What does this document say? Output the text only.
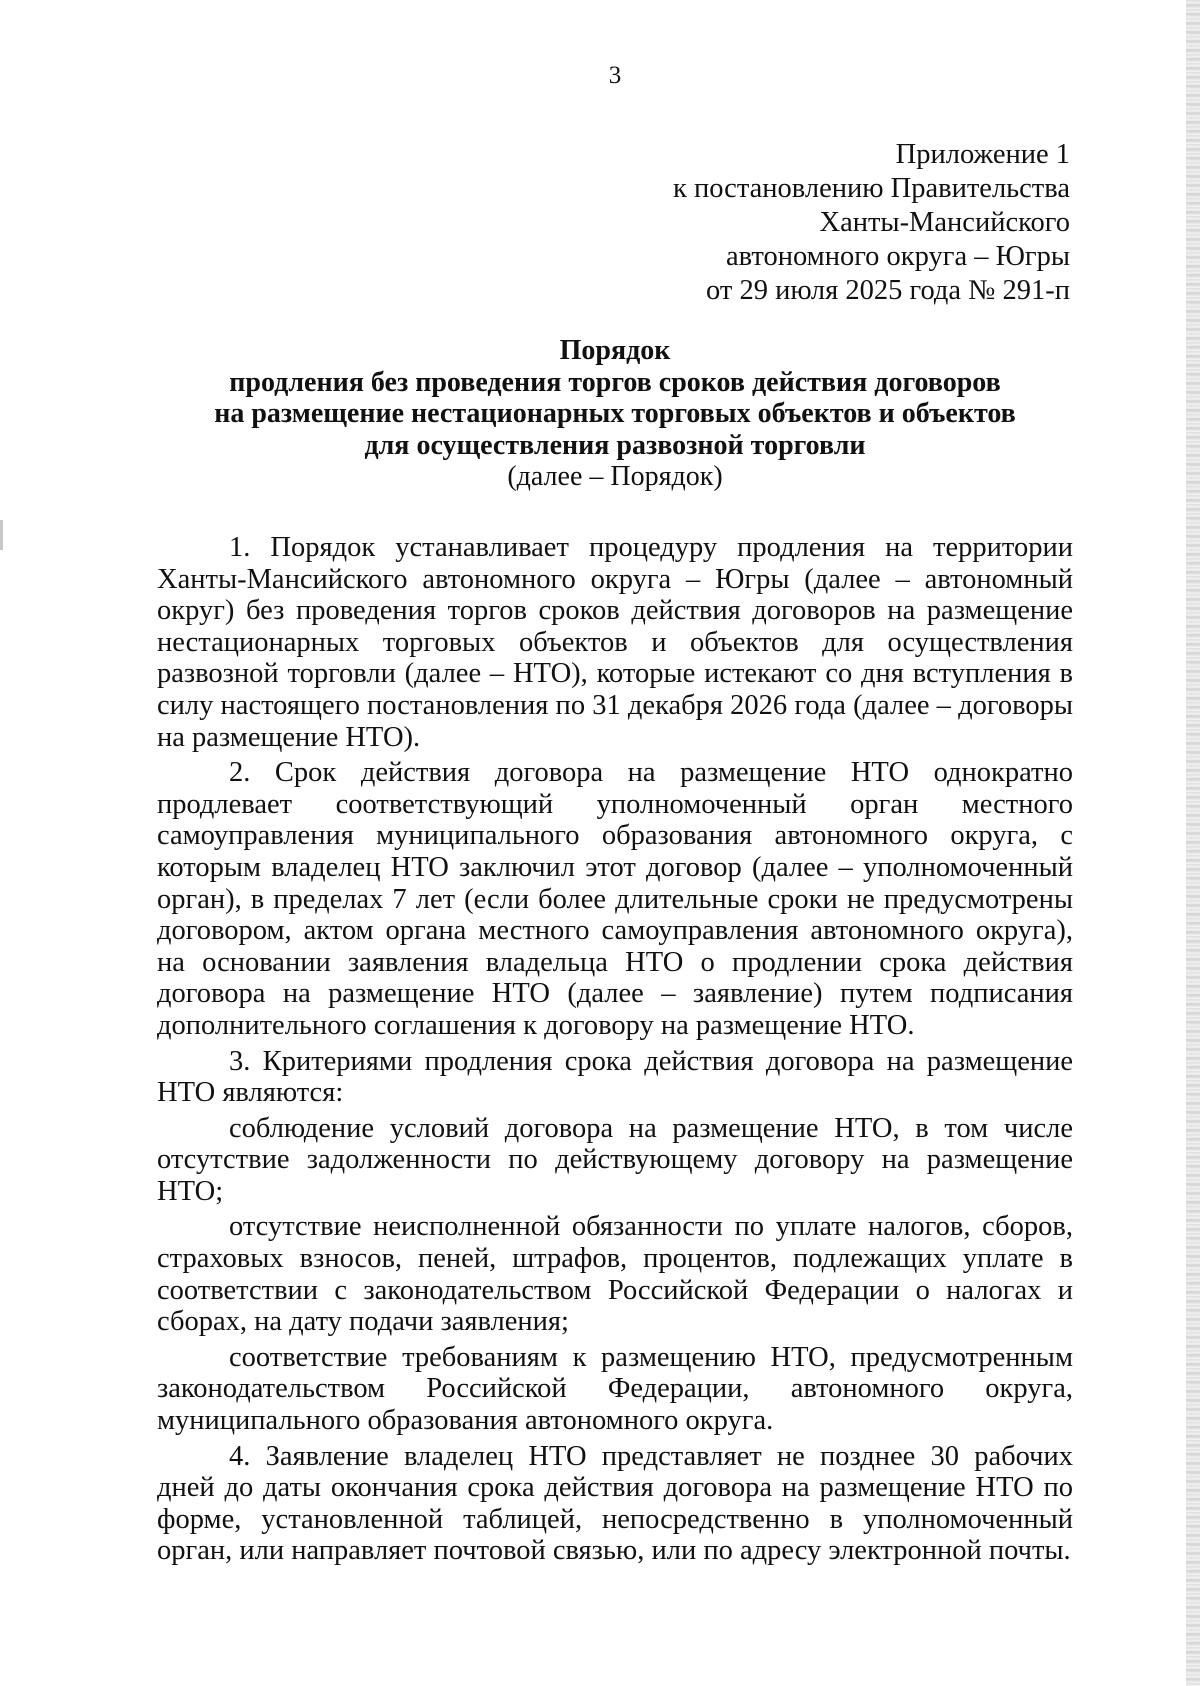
3
Приложение 1
к постановлению Правительства
Ханты-Мансийского
автономного округа – Югры
от 29 июля 2025 года № 291-п
Порядок
продления без проведения торгов сроков действия договоров
на размещение нестационарных торговых объектов и объектов
для осуществления развозной торговли
(далее – Порядок)

1. Порядок устанавливает процедуру продления на территории Ханты-Мансийского автономного округа – Югры (далее – автономный округ) без проведения торгов сроков действия договоров на размещение нестационарных торговых объектов и объектов для осуществления развозной торговли (далее – НТО), которые истекают со дня вступления в силу настоящего постановления по 31 декабря 2026 года (далее – договоры на размещение НТО).

2. Срок действия договора на размещение НТО однократно продлевает соответствующий уполномоченный орган местного самоуправления муниципального образования автономного округа, с которым владелец НТО заключил этот договор (далее – уполномоченный орган), в пределах 7 лет (если более длительные сроки не предусмотрены договором, актом органа местного самоуправления автономного округа), на основании заявления владельца НТО о продлении срока действия договора на размещение НТО (далее – заявление) путем подписания дополнительного соглашения к договору на размещение НТО.

3. Критериями продления срока действия договора на размещение НТО являются:

соблюдение условий договора на размещение НТО, в том числе отсутствие задолженности по действующему договору на размещение НТО;

отсутствие неисполненной обязанности по уплате налогов, сборов, страховых взносов, пеней, штрафов, процентов, подлежащих уплате в соответствии с законодательством Российской Федерации о налогах и сборах, на дату подачи заявления;

соответствие требованиям к размещению НТО, предусмотренным законодательством Российской Федерации, автономного округа, муниципального образования автономного округа.

4. Заявление владелец НТО представляет не позднее 30 рабочих дней до даты окончания срока действия договора на размещение НТО по форме, установленной таблицей, непосредственно в уполномоченный орган, или направляет почтовой связью, или по адресу электронной почты.
